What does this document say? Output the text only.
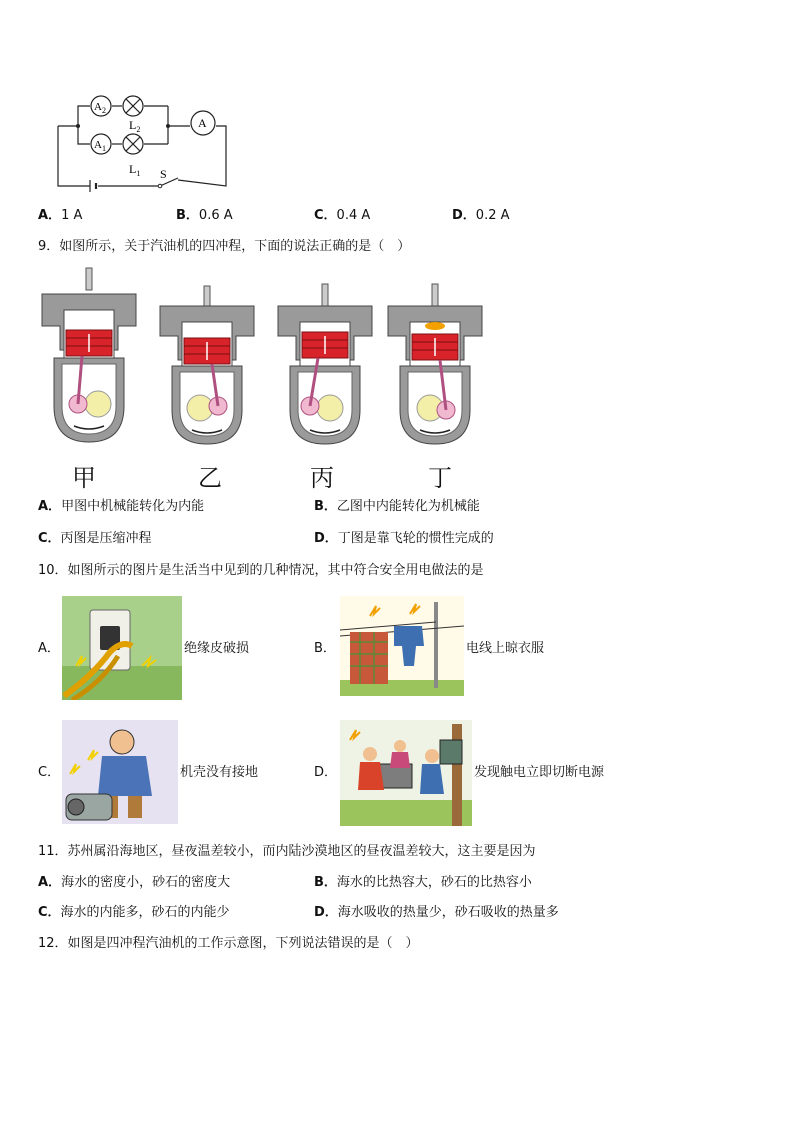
$A_2$
$A_1$
A
$L_2$
$L_1$ S
A．1 A	B．0.6 A	C．0.4 A	D．0.2 A
9．如图所示，关于汽油机的四冲程，下面的说法正确的是（　）
甲	乙	丙	丁
A．甲图中机械能转化为内能	B．乙图中内能转化为机械能
C．丙图是压缩冲程	D．丁图是靠飞轮的惯性完成的
10．如图所示的图片是生活当中见到的几种情况，其中符合安全用电做法的是
A．	绝缘皮破损	B．	电线上晾衣服
C．	机壳没有接地	D．	发现触电立即切断电源
11．苏州属沿海地区，昼夜温差较小，而内陆沙漠地区的昼夜温差较大，这主要是因为
A．海水的密度小，砂石的密度大	B．海水的比热容大，砂石的比热容小
C．海水的内能多，砂石的内能少	D．海水吸收的热量少，砂石吸收的热量多
12．如图是四冲程汽油机的工作示意图，下列说法错误的是（　）
